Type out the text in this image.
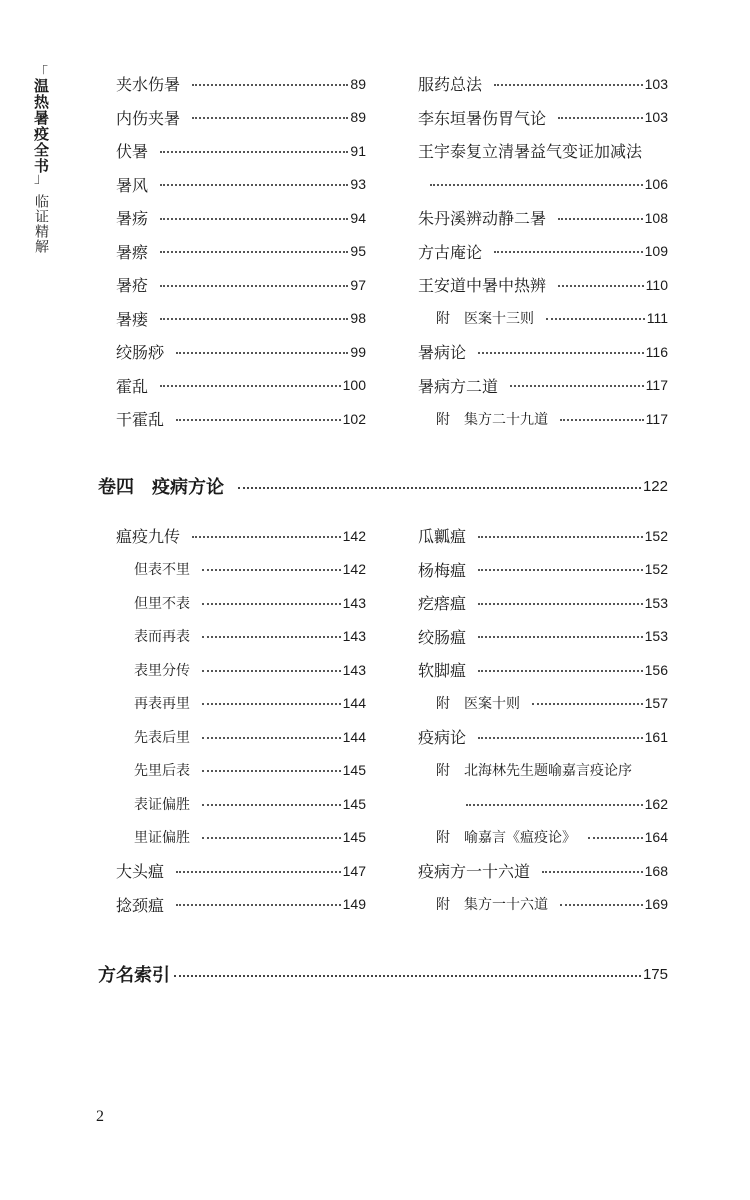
「
温热暑疫全书
」
临证精解
夹水伤暑	89
内伤夹暑	89
伏暑	91
暑风	93
暑疡	94
暑瘵	95
暑疮	97
暑瘘	98
绞肠痧	99
霍乱	100
干霍乱	102
服药总法	103
李东垣暑伤胃气论	103
王宇泰复立清暑益气变证加减法
106
朱丹溪辨动静二暑	108
方古庵论	109
王安道中暑中热辨	110
附　医案十三则	111
暑病论	116
暑病方二道	117
附　集方二十九道	117
卷四 疫病方论	122
瘟疫九传	142
但表不里	142
但里不表	143
表而再表	143
表里分传	143
再表再里	144
先表后里	144
先里后表	145
表证偏胜	145
里证偏胜	145
大头瘟	147
捻颈瘟	149
瓜瓤瘟	152
杨梅瘟	152
疙瘩瘟	153
绞肠瘟	153
软脚瘟	156
附　医案十则	157
疫病论	161
附　北海林先生题喻嘉言疫论序
162
附　喻嘉言《瘟疫论》	164
疫病方一十六道	168
附　集方一十六道	169
方名索引	175
2
